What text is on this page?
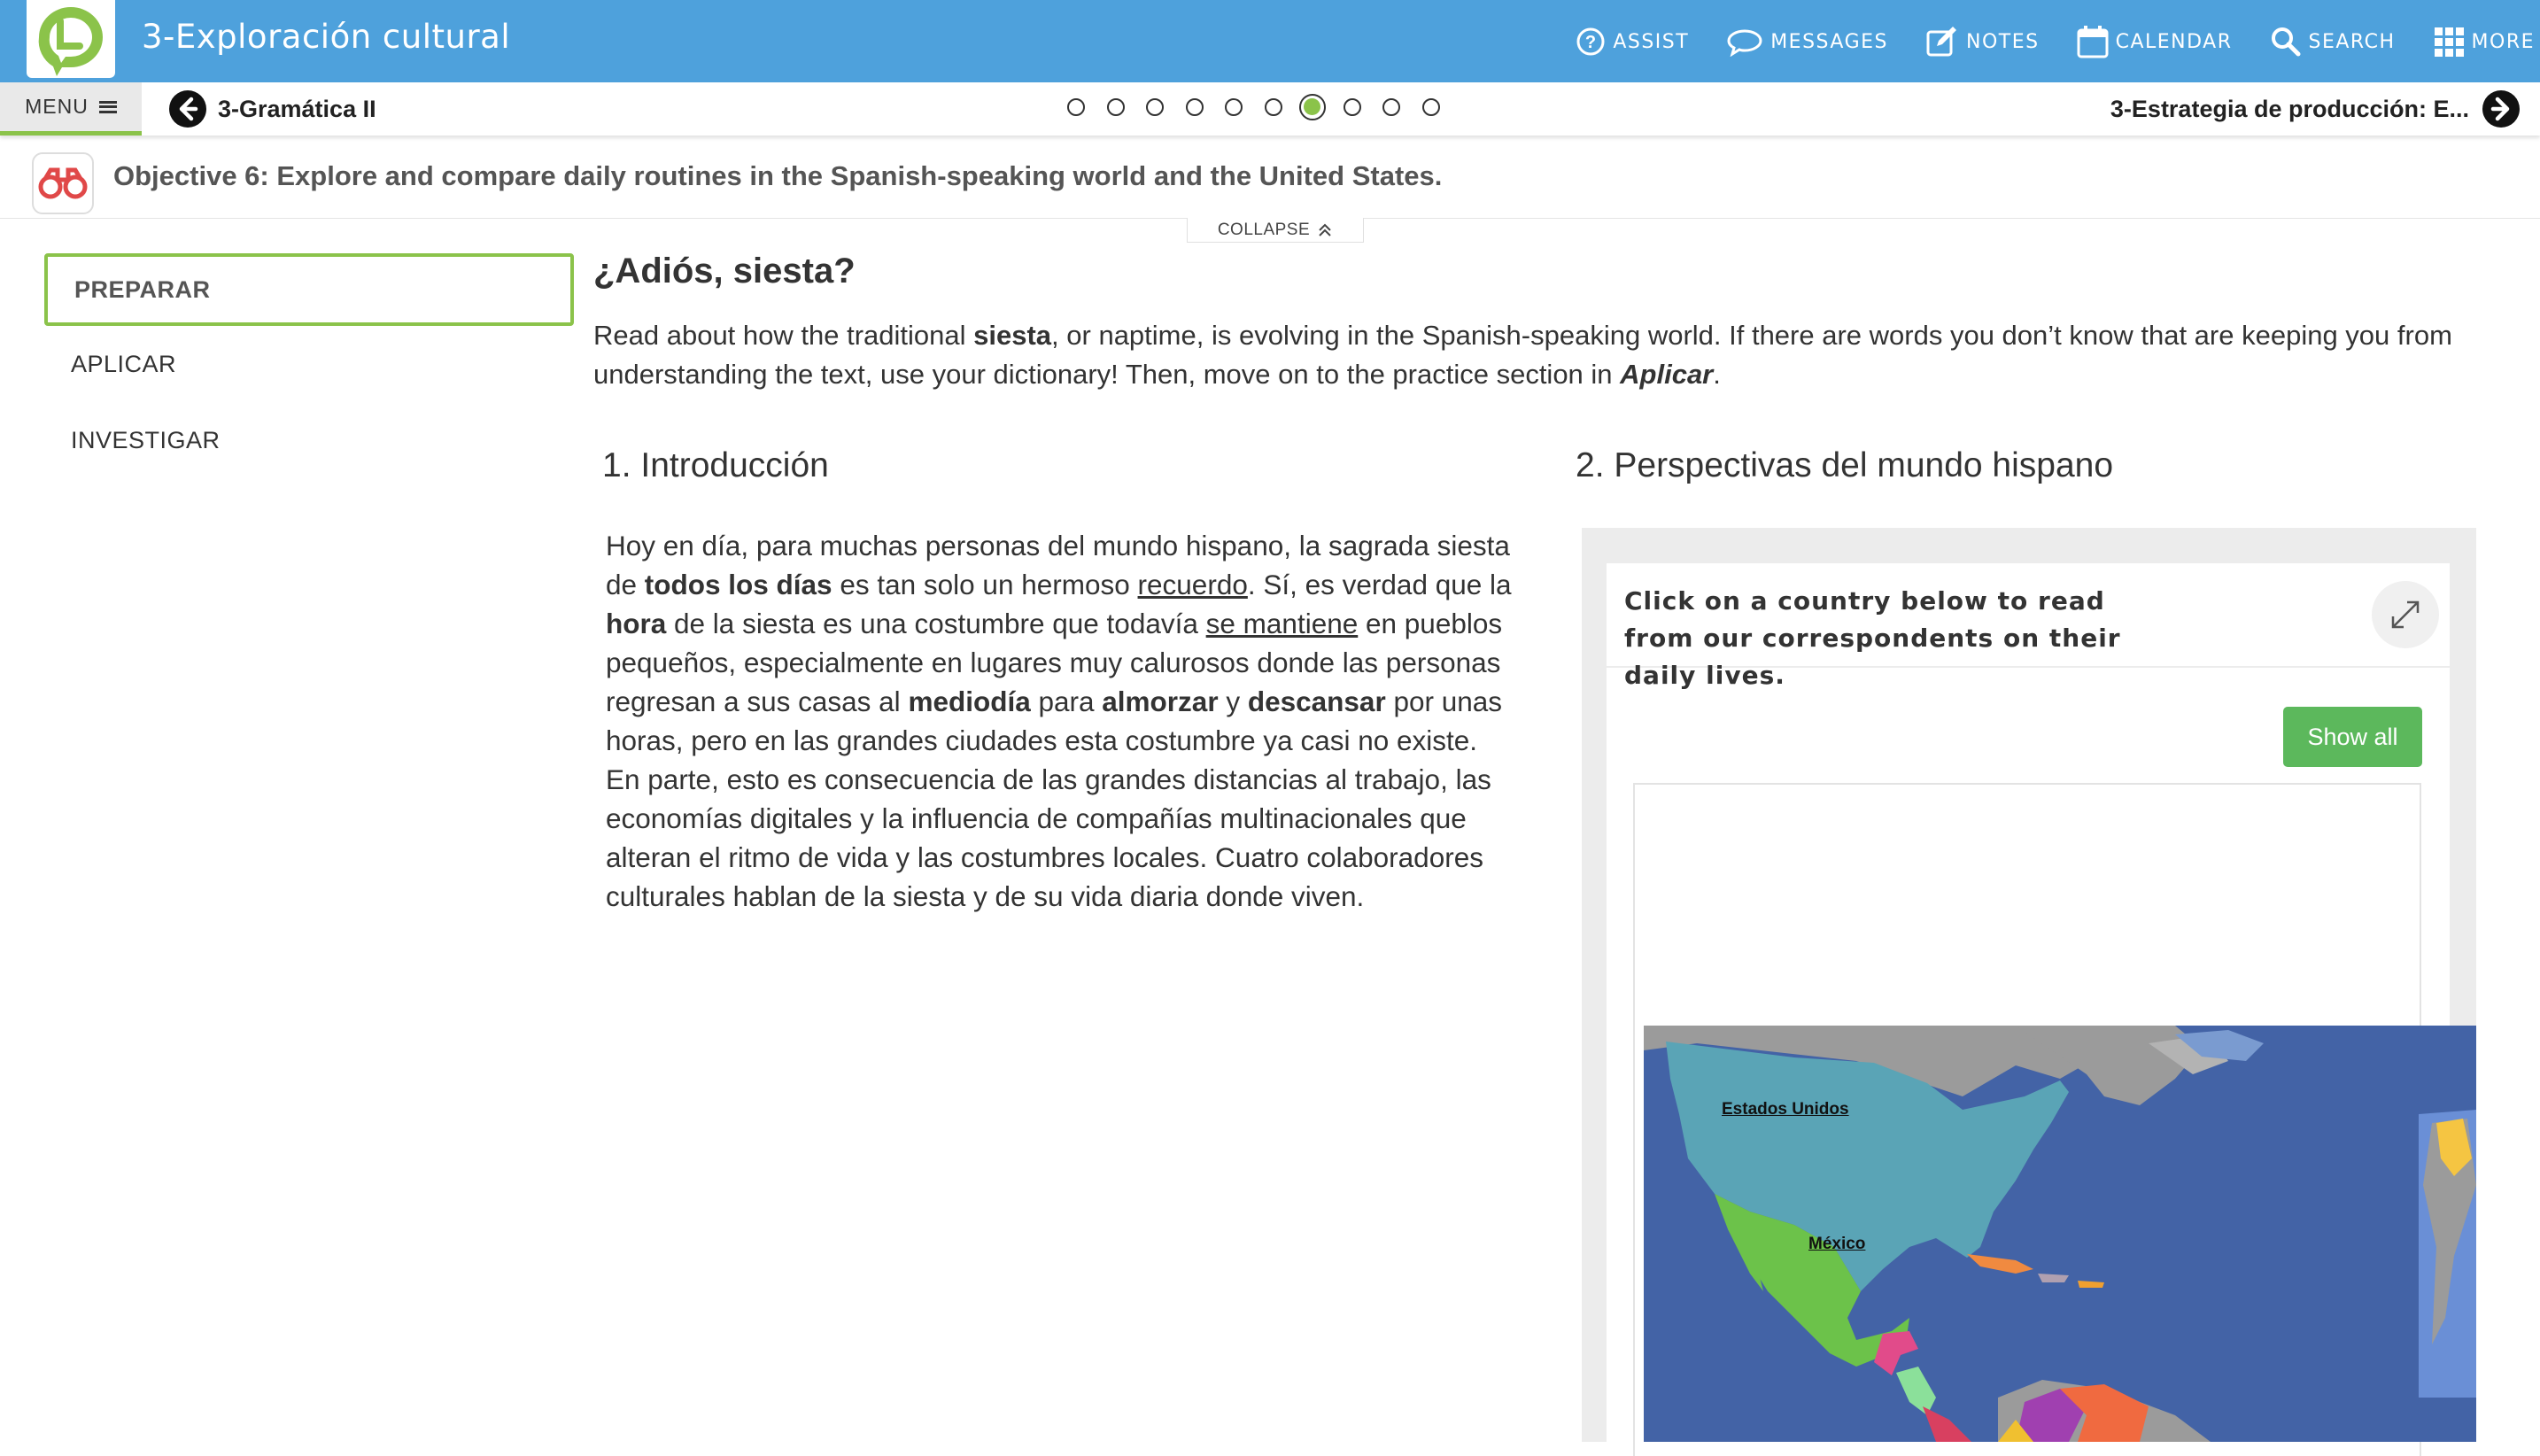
3-Exploración cultural	? ASSIST	MESSAGES	NOTES	CALENDAR	SEARCH	MORE
MENU	3-Gramática II	3-Estrategia de producción: E...
Objective 6: Explore and compare daily routines in the Spanish-speaking world and the United States.
COLLAPSE
PREPARAR
APLICAR
INVESTIGAR
¿Adiós, siesta?
Read about how the traditional siesta, or naptime, is evolving in the Spanish-speaking world. If there are words you don’t know that are keeping you from understanding the text, use your dictionary! Then, move on to the practice section in Aplicar.
1. Introducción	2. Perspectivas del mundo hispano
Hoy en día, para muchas personas del mundo hispano, la sagrada siesta de todos los días es tan solo un hermoso recuerdo. Sí, es verdad que la hora de la siesta es una costumbre que todavía se mantiene en pueblos pequeños, especialmente en lugares muy calurosos donde las personas regresan a sus casas al mediodía para almorzar y descansar por unas horas, pero en las grandes ciudades esta costumbre ya casi no existe. En parte, esto es consecuencia de las grandes distancias al trabajo, las economías digitales y la influencia de compañías multinacionales que alteran el ritmo de vida y las costumbres locales. Cuatro colaboradores culturales hablan de la siesta y de su vida diaria donde viven.
Click on a country below to read from our correspondents on their daily lives.
Show all
Estados Unidos
México
